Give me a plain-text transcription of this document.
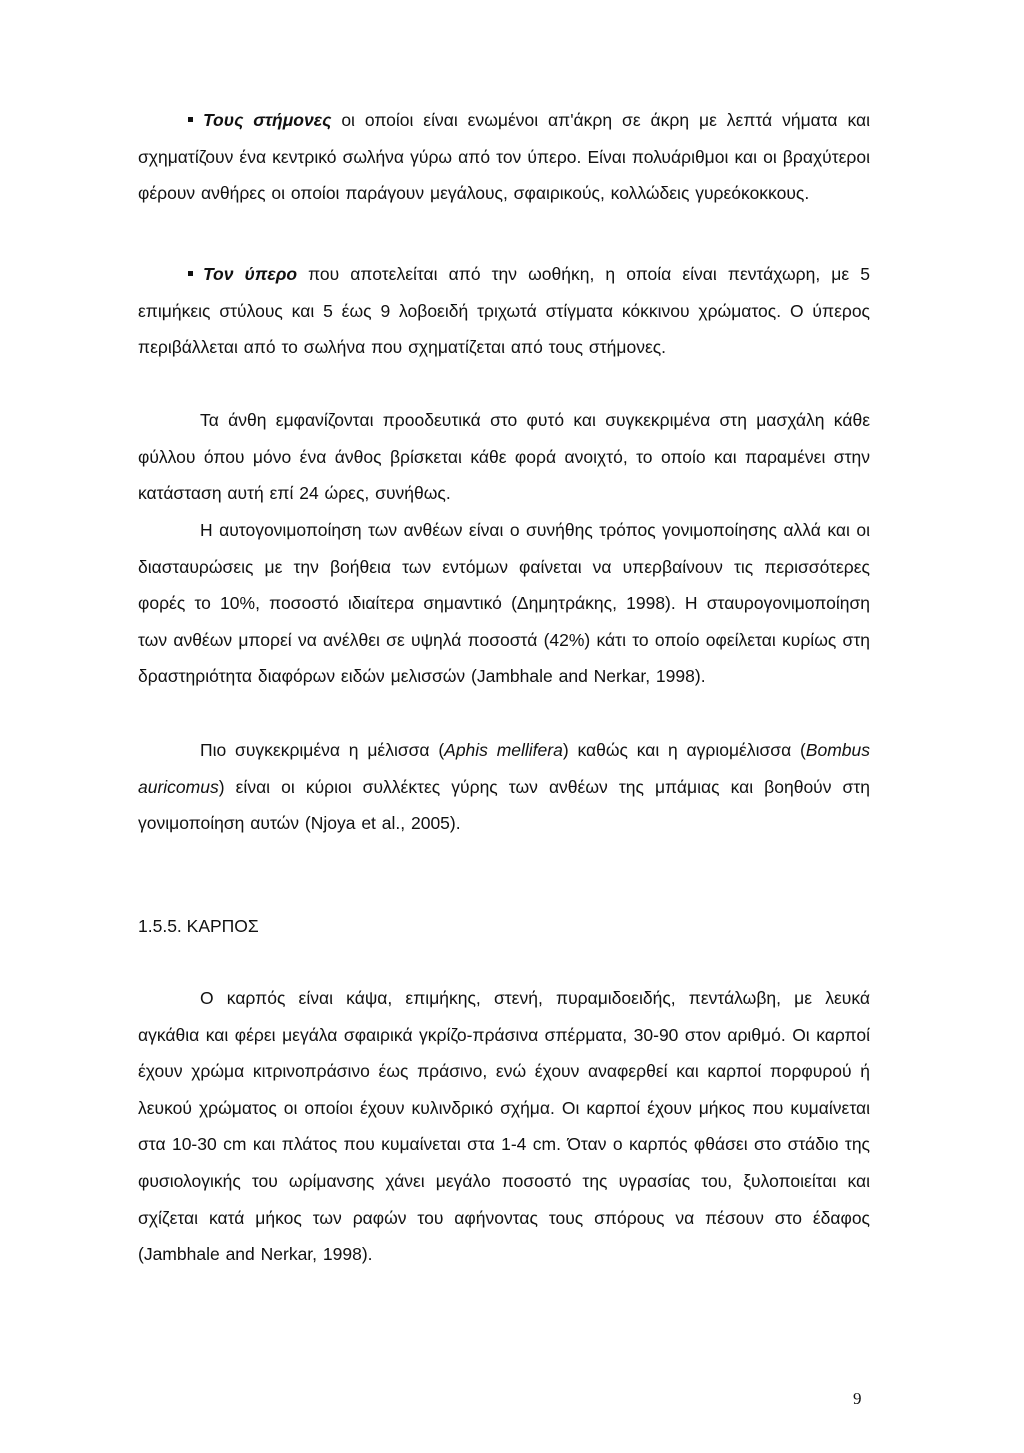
Τους στήμονες οι οποίοι είναι ενωμένοι απ'άκρη σε άκρη με λεπτά νήματα και σχηματίζουν ένα κεντρικό σωλήνα γύρω από τον ύπερο. Είναι πολυάριθμοι και οι βραχύτεροι φέρουν ανθήρες οι οποίοι παράγουν μεγάλους, σφαιρικούς, κολλώδεις γυρεόκοκκους.

Τον ύπερο που αποτελείται από την ωοθήκη, η οποία είναι πεντάχωρη, με 5 επιμήκεις στύλους και 5 έως 9 λοβοειδή τριχωτά στίγματα κόκκινου χρώματος. Ο ύπερος περιβάλλεται από το σωλήνα που σχηματίζεται από τους στήμονες.

Τα άνθη εμφανίζονται προοδευτικά στο φυτό και συγκεκριμένα στη μασχάλη κάθε φύλλου όπου μόνο ένα άνθος βρίσκεται κάθε φορά ανοιχτό, το οποίο και παραμένει στην κατάσταση αυτή επί 24 ώρες, συνήθως.

Η αυτογονιμοποίηση των ανθέων είναι ο συνήθης τρόπος γονιμοποίησης αλλά και οι διασταυρώσεις με την βοήθεια των εντόμων φαίνεται να υπερβαίνουν τις περισσότερες φορές το 10%, ποσοστό ιδιαίτερα σημαντικό (Δημητράκης, 1998). Η σταυρογονιμοποίηση των ανθέων μπορεί να ανέλθει σε υψηλά ποσοστά (42%) κάτι το οποίο οφείλεται κυρίως στη δραστηριότητα διαφόρων ειδών μελισσών (Jambhale and Nerkar, 1998).

Πιο συγκεκριμένα η μέλισσα (Aphis mellifera) καθώς και η αγριομέλισσα (Bombus auricomus) είναι οι κύριοι συλλέκτες γύρης των ανθέων της μπάμιας και βοηθούν στη γονιμοποίηση αυτών (Njoya et al., 2005).

1.5.5. ΚΑΡΠΟΣ

Ο καρπός είναι κάψα, επιμήκης, στενή, πυραμιδοειδής, πεντάλωβη, με λευκά αγκάθια και φέρει μεγάλα σφαιρικά γκρίζο-πράσινα σπέρματα, 30-90 στον αριθμό. Οι καρποί έχουν χρώμα κιτρινοπράσινο έως πράσινο, ενώ έχουν αναφερθεί και καρποί πορφυρού ή λευκού χρώματος οι οποίοι έχουν κυλινδρικό σχήμα. Οι καρποί έχουν μήκος που κυμαίνεται στα 10-30 cm και πλάτος που κυμαίνεται στα 1-4 cm. Όταν ο καρπός φθάσει στο στάδιο της φυσιολογικής του ωρίμανσης χάνει μεγάλο ποσοστό της υγρασίας του, ξυλοποιείται και σχίζεται κατά μήκος των ραφών του αφήνοντας τους σπόρους να πέσουν στο έδαφος (Jambhale and Nerkar, 1998).

9
